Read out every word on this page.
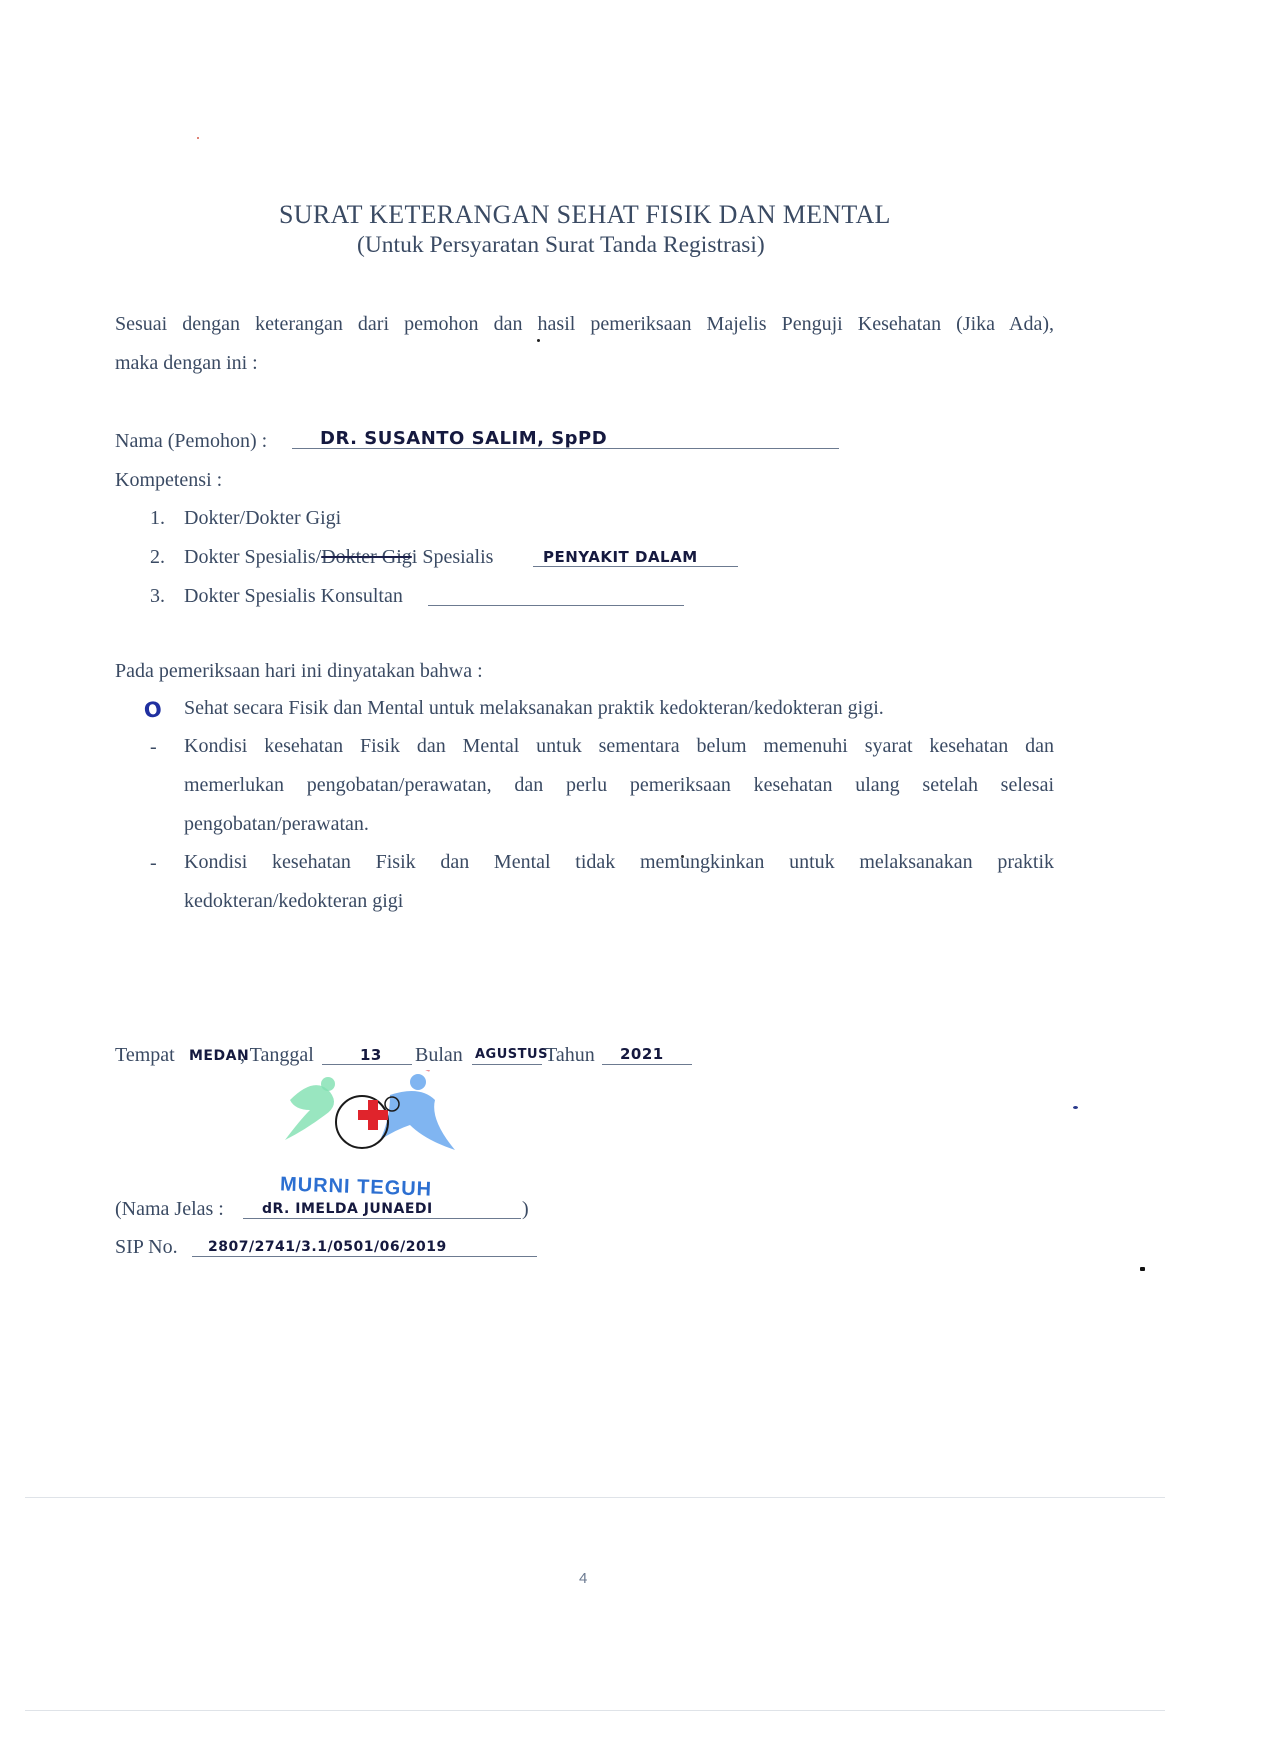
SURAT KETERANGAN SEHAT FISIK DAN MENTAL
(Untuk Persyaratan Surat Tanda Registrasi)
Sesuai dengan keterangan dari pemohon dan hasil pemeriksaan Majelis Penguji Kesehatan (Jika Ada),
maka dengan ini :
Nama (Pemohon) :	DR. SUSANTO SALIM, SpPD
Kompetensi :
1. Dokter/Dokter Gigi
2. Dokter Spesialis/Dokter Gigi Spesialis	PENYAKIT DALAM
3. Dokter Spesialis Konsultan
Pada pemeriksaan hari ini dinyatakan bahwa :
O Sehat secara Fisik dan Mental untuk melaksanakan praktik kedokteran/kedokteran gigi.
- Kondisi kesehatan Fisik dan Mental untuk sementara belum memenuhi syarat kesehatan dan
memerlukan pengobatan/perawatan, dan perlu pemeriksaan kesehatan ulang setelah selesai
pengobatan/perawatan.
- Kondisi kesehatan Fisik dan Mental tidak memungkinkan untuk melaksanakan praktik
kedokteran/kedokteran gigi
Tempat MEDAN
, Tanggal	13 Bulan AGUSTUS
Tahun 2021
MURNI TEGUH
(Nama Jelas :	dR. IMELDA JUNAEDI	)
SIP No. 2807/2741/3.1/0501/06/2019
4
